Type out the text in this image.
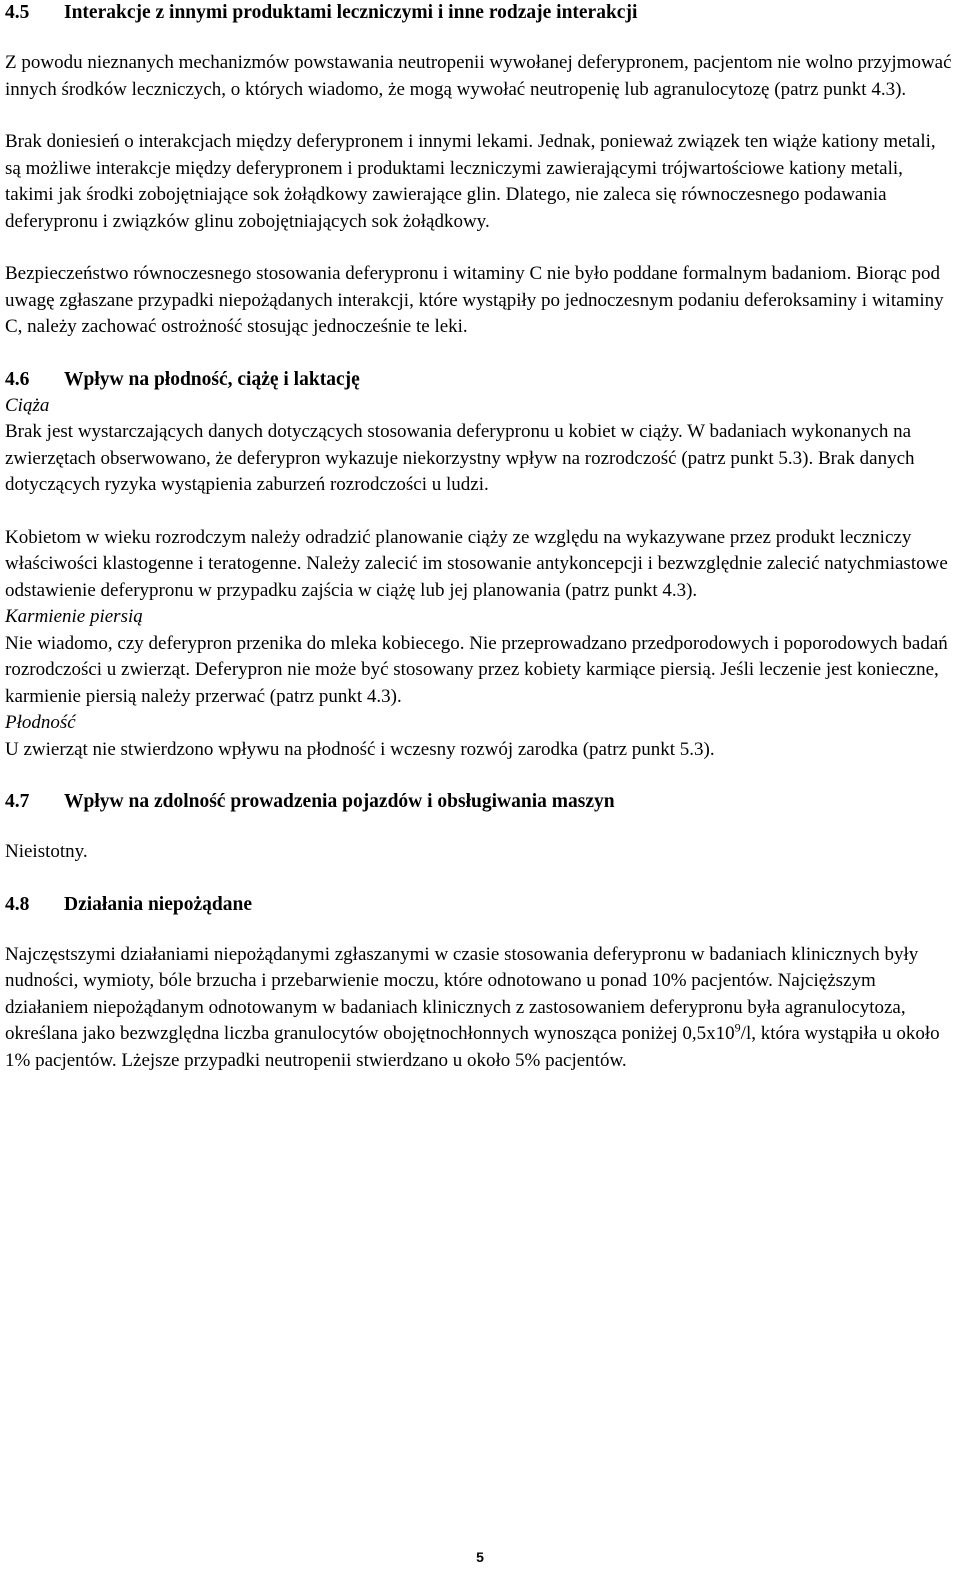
4.5 Interakcje z innymi produktami leczniczymi i inne rodzaje interakcji

Z powodu nieznanych mechanizmów powstawania neutropenii wywołanej deferypronem, pacjentom nie wolno przyjmować innych środków leczniczych, o których wiadomo, że mogą wywołać neutropenię lub agranulocytozę (patrz punkt 4.3).

Brak doniesień o interakcjach między deferypronem i innymi lekami. Jednak, ponieważ związek ten wiąże kationy metali, są możliwe interakcje między deferypronem i produktami leczniczymi zawierającymi trójwartościowe kationy metali, takimi jak środki zobojętniające sok żołądkowy zawierające glin. Dlatego, nie zaleca się równoczesnego podawania deferypronu i związków glinu zobojętniających sok żołądkowy.

Bezpieczeństwo równoczesnego stosowania deferypronu i witaminy C nie było poddane formalnym badaniom. Biorąc pod uwagę zgłaszane przypadki niepożądanych interakcji, które wystąpiły po jednoczesnym podaniu deferoksaminy i witaminy C, należy zachować ostrożność stosując jednocześnie te leki.

4.6 Wpływ na płodność, ciążę i laktację

Ciąża

Brak jest wystarczających danych dotyczących stosowania deferypronu u kobiet w ciąży. W badaniach wykonanych na zwierzętach obserwowano, że deferypron wykazuje niekorzystny wpływ na rozrodczość (patrz punkt 5.3). Brak danych dotyczących ryzyka wystąpienia zaburzeń rozrodczości u ludzi.

Kobietom w wieku rozrodczym należy odradzić planowanie ciąży ze względu na wykazywane przez produkt leczniczy właściwości klastogenne i teratogenne. Należy zalecić im stosowanie antykoncepcji i bezwzględnie zalecić natychmiastowe odstawienie deferypronu w przypadku zajścia w ciążę lub jej planowania (patrz punkt 4.3).

Karmienie piersią

Nie wiadomo, czy deferypron przenika do mleka kobiecego. Nie przeprowadzano przedporodowych i poporodowych badań rozrodczości u zwierząt. Deferypron nie może być stosowany przez kobiety karmiące piersią. Jeśli leczenie jest konieczne, karmienie piersią należy przerwać (patrz punkt 4.3).

Płodność

U zwierząt nie stwierdzono wpływu na płodność i wczesny rozwój zarodka (patrz punkt 5.3).

4.7 Wpływ na zdolność prowadzenia pojazdów i obsługiwania maszyn

Nieistotny.

4.8 Działania niepożądane

Najczęstszymi działaniami niepożądanymi zgłaszanymi w czasie stosowania deferypronu w badaniach klinicznych były nudności, wymioty, bóle brzucha i przebarwienie moczu, które odnotowano u ponad 10% pacjentów. Najcięższym działaniem niepożądanym odnotowanym w badaniach klinicznych z zastosowaniem deferypronu była agranulocytoza, określana jako bezwzględna liczba granulocytów obojętnochłonnych wynosząca poniżej $0,5x10^9/l$, która wystąpiła u około 1% pacjentów. Lżejsze przypadki neutropenii stwierdzano u około 5% pacjentów.

5
